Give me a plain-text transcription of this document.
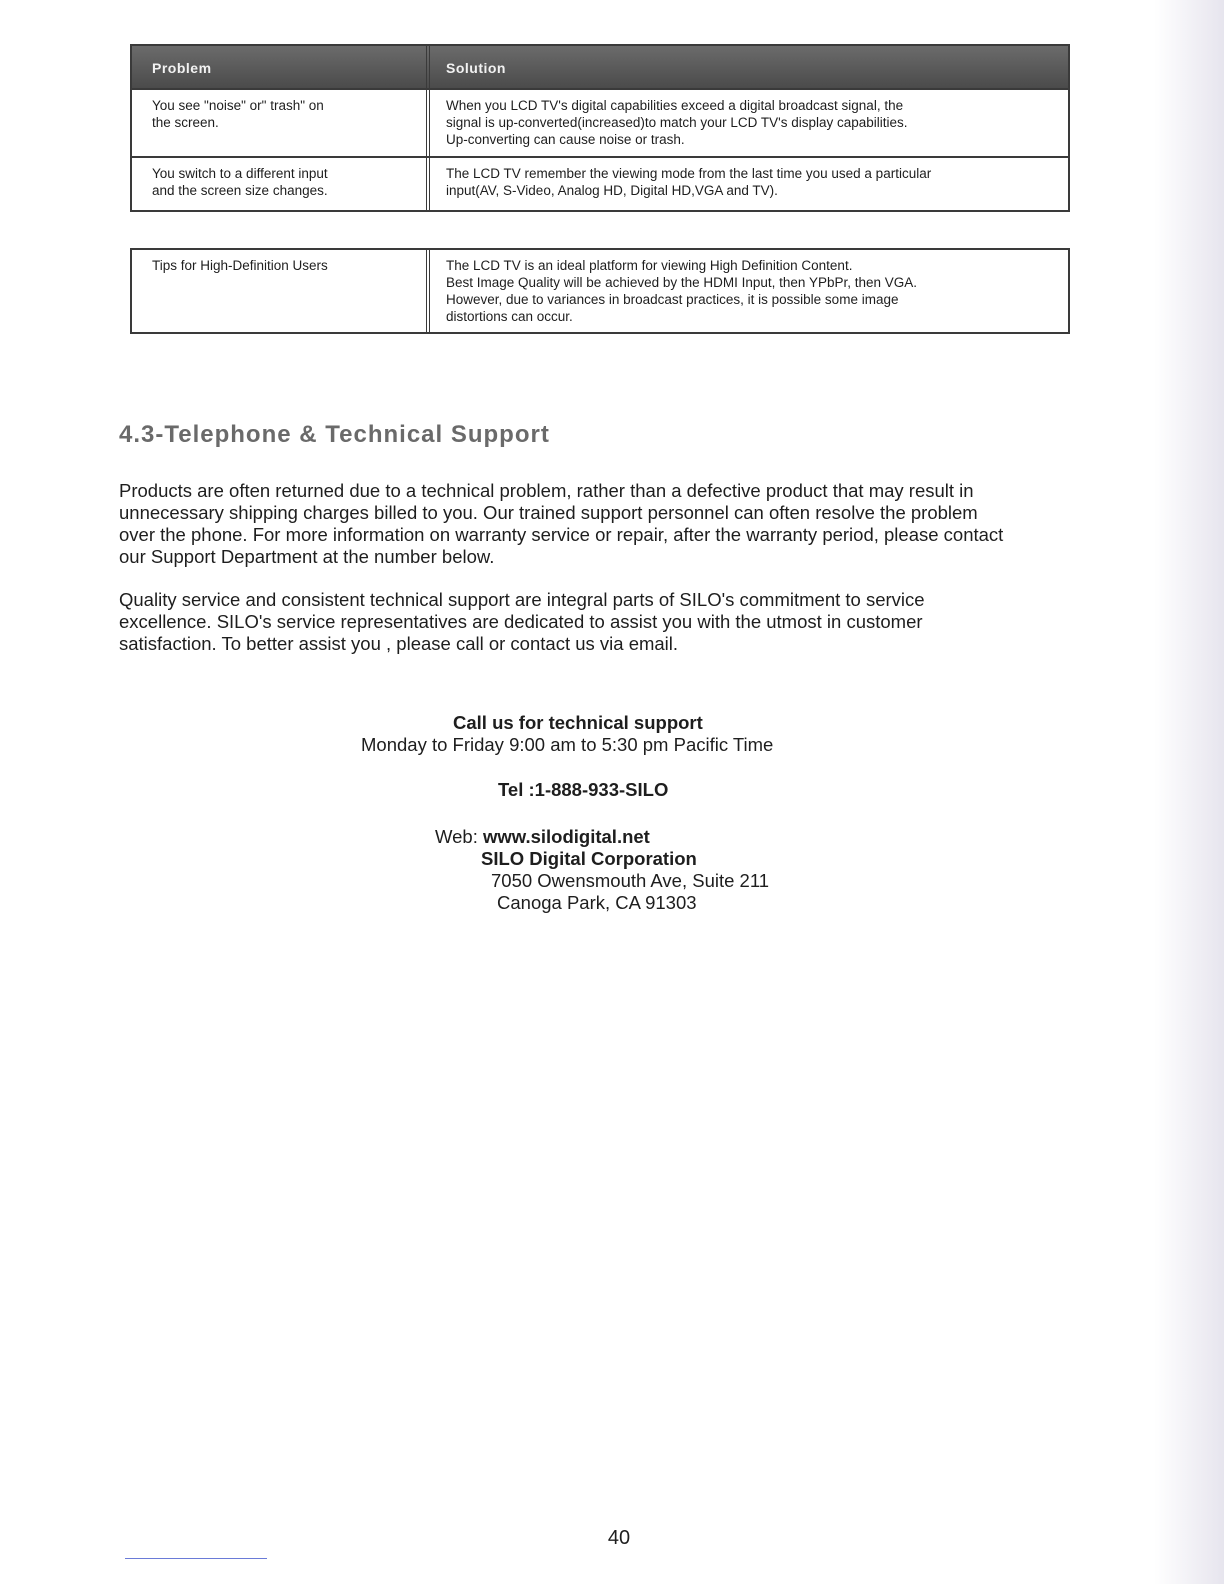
Problem	Solution
You see "noise" or" trash" on
the screen.
When you LCD TV's digital capabilities exceed a digital broadcast signal, the
signal is up-converted(increased)to match your LCD TV's display capabilities.
Up-converting can cause noise or trash.
You switch to a different input
and the screen size changes.
The LCD TV remember the viewing mode from the last time you used a particular
input(AV, S-Video, Analog HD, Digital HD,VGA and TV).
Tips for High-Definition Users	The LCD TV is an ideal platform for viewing High Definition Content.
Best Image Quality will be achieved by the HDMI Input, then YPbPr, then VGA.
However, due to variances in broadcast practices, it is possible some image
distortions can occur.
4.3-Telephone & Technical Support
Products are often returned due to a technical problem, rather than a defective product that may result in
unnecessary shipping charges billed to you. Our trained support personnel can often resolve the problem
over the phone. For more information on warranty service or repair, after the warranty period, please contact
our Support Department at the number below.
Quality service and consistent technical support are integral parts of SILO's commitment to service
excellence. SILO's service representatives are dedicated to assist you with the utmost in customer
satisfaction. To better assist you , please call or contact us via email.
Call us for technical support
Monday to Friday 9:00 am to 5:30 pm Pacific Time
Tel :1-888-933-SILO
Web: www.silodigital.net
SILO Digital Corporation
7050 Owensmouth Ave, Suite 211
Canoga Park, CA 91303
40
